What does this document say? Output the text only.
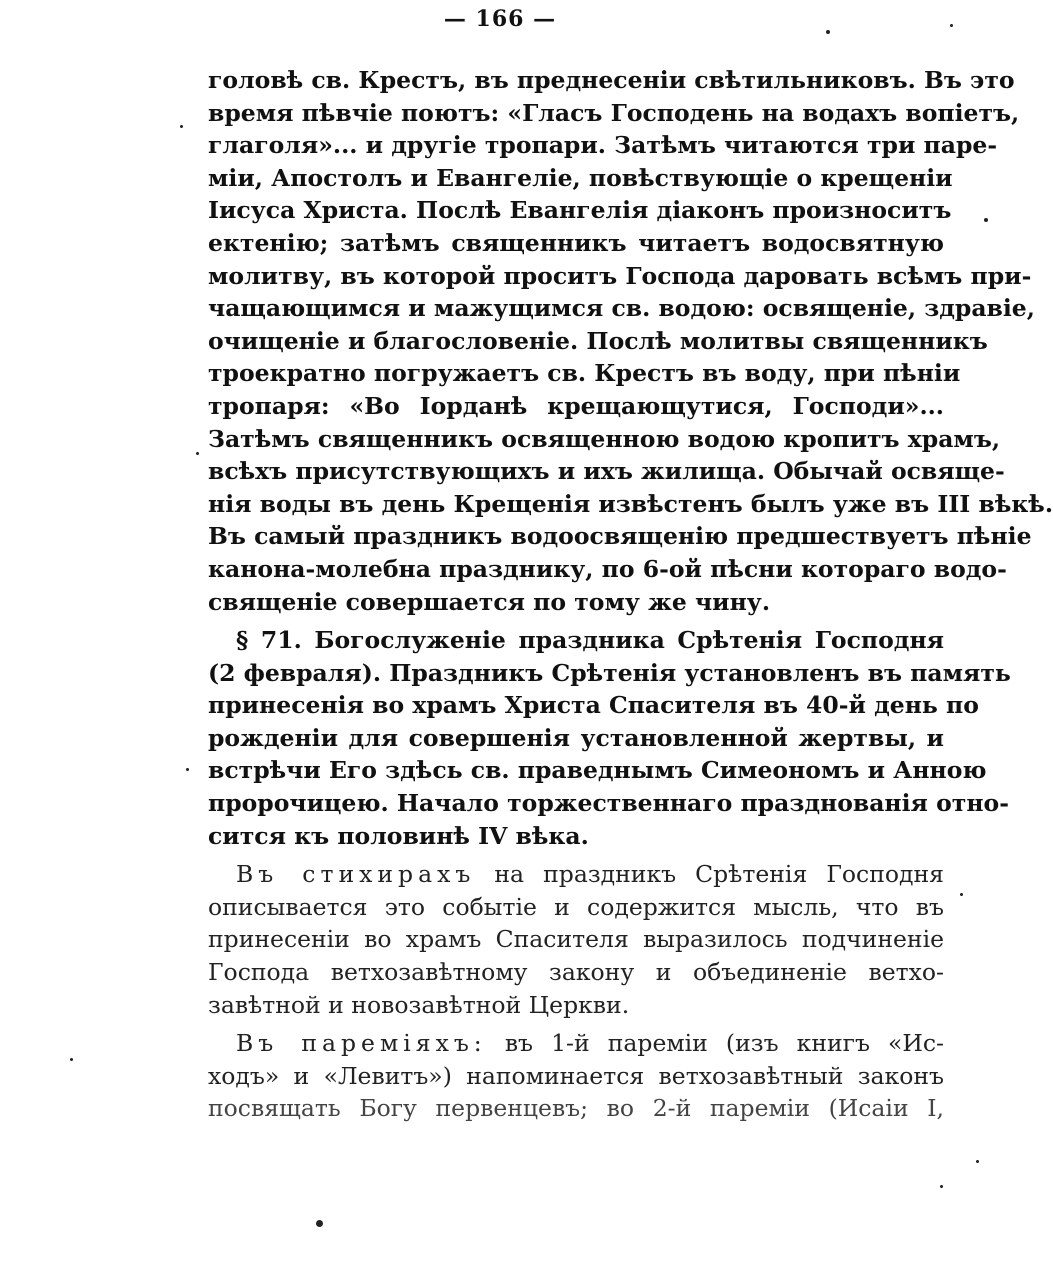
— 166 —
головѣ св. Крестъ, въ преднесеніи свѣтильниковъ. Въ это
время пѣвчіе поютъ: «Гласъ Господень на водахъ вопіетъ,
глаголя»... и другіе тропари. Затѣмъ читаются три паре-
міи, Апостолъ и Евангеліе, повѣствующіе о крещеніи
Іисуса Христа. Послѣ Евангелія діаконъ произноситъ
ектенію; затѣмъ священникъ читаетъ водосвятную
молитву, въ которой проситъ Господа даровать всѣмъ при-
чащающимся и мажущимся св. водою: освященіе, здравіе,
очищеніе и благословеніе. Послѣ молитвы священникъ
троекратно погружаетъ св. Крестъ въ воду, при пѣніи
тропаря: «Во Іорданѣ крещающутися, Господи»...
Затѣмъ священникъ освященною водою кропитъ храмъ,
всѣхъ присутствующихъ и ихъ жилища. Обычай освяще-
нія воды въ день Крещенія извѣстенъ былъ уже въ III вѣкѣ.
Въ самый праздникъ водоосвященію предшествуетъ пѣніе
канона-молебна празднику, по 6-ой пѣсни котораго водо-
священіе совершается по тому же чину.
§ 71. Богослуженіе праздника Срѣтенія Господня
(2 февраля). Праздникъ Срѣтенія установленъ въ память
принесенія во храмъ Христа Спасителя въ 40-й день по
рожденіи для совершенія установленной жертвы, и
встрѣчи Его здѣсь св. праведнымъ Симеономъ и Анною
пророчицею. Начало торжественнаго празднованія отно-
сится къ половинѣ IV вѣка.
Въ стихирахъ на праздникъ Срѣтенія Господня
описывается это событіе и содержится мысль, что въ
принесеніи во храмъ Спасителя выразилось подчиненіе
Господа ветхозавѣтному закону и объединеніе ветхо-
завѣтной и новозавѣтной Церкви.
Въ пареміяхъ: въ 1-й пареміи (изъ книгъ «Ис-
ходъ» и «Левитъ») напоминается ветхозавѣтный законъ
посвящать Богу первенцевъ; во 2-й пареміи (Исаіи I,
